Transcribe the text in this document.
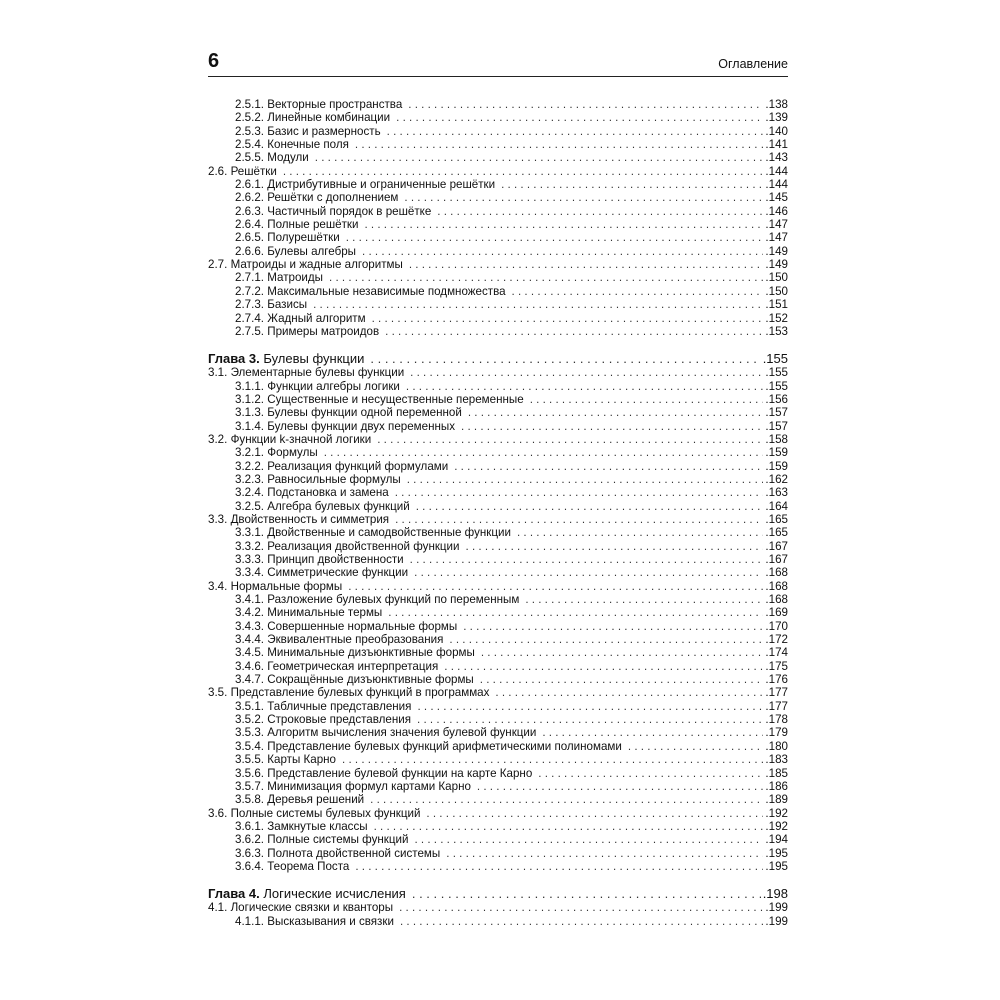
6	Оглавление
2.5.1. Векторные пространства . . .	.138
2.5.2. Линейные комбинации . . .	.139
2.5.3. Базис и размерность . . .	.140
2.5.4. Конечные поля . . .	.141
2.5.5. Модули . . .	.143
2.6. Решётки . . .	.144
2.6.1. Дистрибутивные и ограниченные решётки . . .	.144
2.6.2. Решётки с дополнением . . .	.145
2.6.3. Частичный порядок в решётке . . .	.146
2.6.4. Полные решётки . . .	.147
2.6.5. Полурешётки . . .	.147
2.6.6. Булевы алгебры . . .	.149
2.7. Матроиды и жадные алгоритмы . . .	.149
2.7.1. Матроиды . . .	.150
2.7.2. Максимальные независимые подмножества . . .	.150
2.7.3. Базисы . . .	.151
2.7.4. Жадный алгоритм . . .	.152
2.7.5. Примеры матроидов . . .	.153
Глава 3. Булевы функции . . .	.155
3.1. Элементарные булевы функции . . .	.155
3.1.1. Функции алгебры логики . . .	.155
3.1.2. Существенные и несущественные переменные . . .	.156
3.1.3. Булевы функции одной переменной . . .	.157
3.1.4. Булевы функции двух переменных . . .	.157
3.2. Функции k-значной логики . . .	.158
3.2.1. Формулы . . .	.159
3.2.2. Реализация функций формулами . . .	.159
3.2.3. Равносильные формулы . . .	.162
3.2.4. Подстановка и замена . . .	.163
3.2.5. Алгебра булевых функций . . .	.164
3.3. Двойственность и симметрия . . .	.165
3.3.1. Двойственные и самодвойственные функции . . .	.165
3.3.2. Реализация двойственной функции . . .	.167
3.3.3. Принцип двойственности . . .	.167
3.3.4. Симметрические функции . . .	.168
3.4. Нормальные формы . . .	.168
3.4.1. Разложение булевых функций по переменным . . .	.168
3.4.2. Минимальные термы . . .	.169
3.4.3. Совершенные нормальные формы . . .	.170
3.4.4. Эквивалентные преобразования . . .	.172
3.4.5. Минимальные дизъюнктивные формы . . .	.174
3.4.6. Геометрическая интерпретация . . .	.175
3.4.7. Сокращённые дизъюнктивные формы . . .	.176
3.5. Представление булевых функций в программах . . .	.177
3.5.1. Табличные представления . . .	.177
3.5.2. Строковые представления . . .	.178
3.5.3. Алгоритм вычисления значения булевой функции . . .	.179
3.5.4. Представление булевых функций арифметическими полиномами . . .	.180
3.5.5. Карты Карно . . .	.183
3.5.6. Представление булевой функции на карте Карно . . .	.185
3.5.7. Минимизация формул картами Карно . . .	.186
3.5.8. Деревья решений . . .	.189
3.6. Полные системы булевых функций . . .	.192
3.6.1. Замкнутые классы . . .	.192
3.6.2. Полные системы функций . . .	.194
3.6.3. Полнота двойственной системы . . .	.195
3.6.4. Теорема Поста . . .	.195
Глава 4. Логические исчисления . . .	.198
4.1. Логические связки и кванторы . . .	.199
4.1.1. Высказывания и связки . . .	.199
